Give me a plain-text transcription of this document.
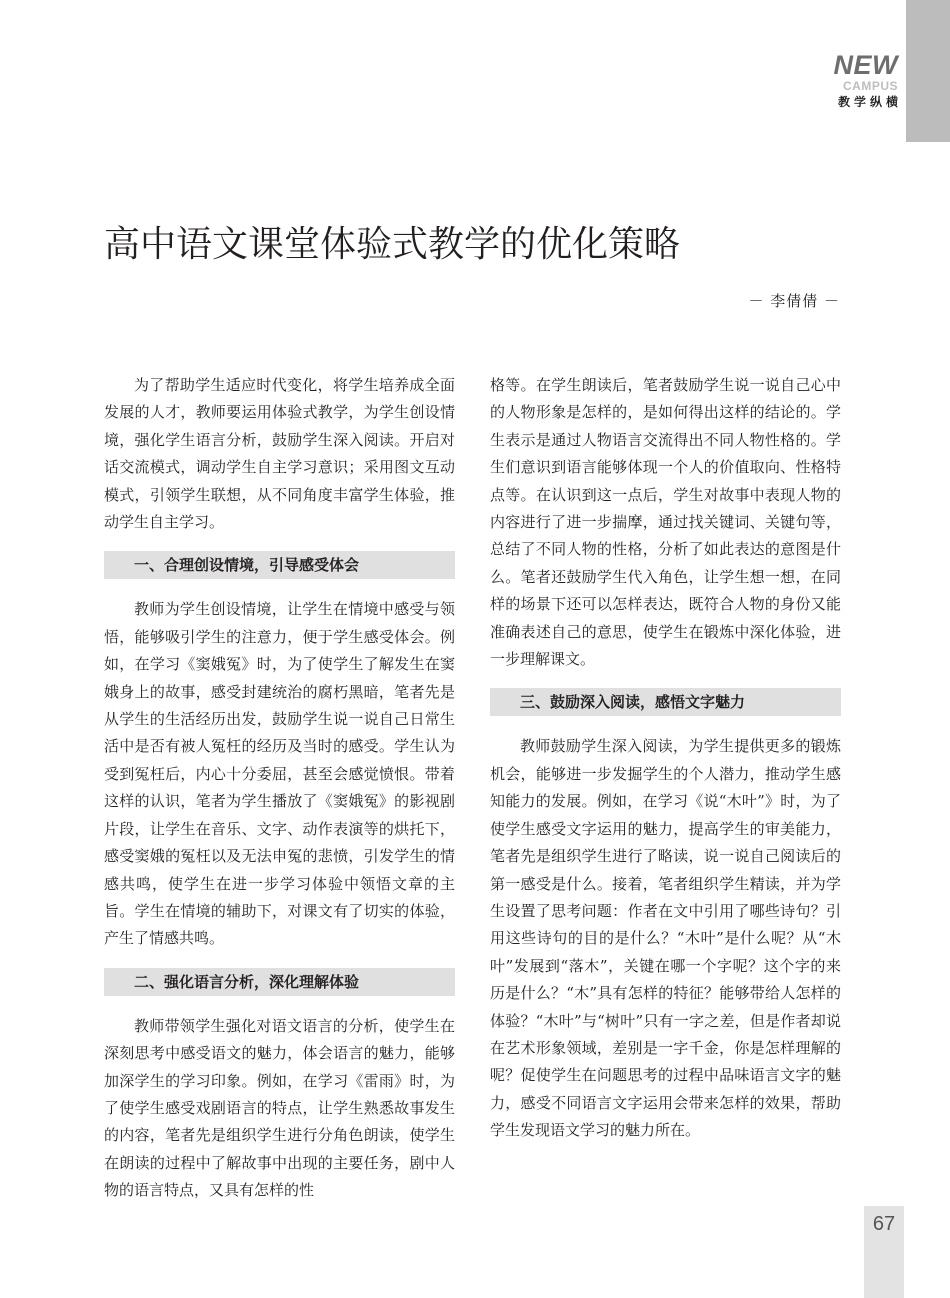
NEW
CAMPUS
教学纵横
高中语文课堂体验式教学的优化策略

－ 李倩倩 －

为了帮助学生适应时代变化，将学生培养成全面发展的人才，教师要运用体验式教学，为学生创设情境，强化学生语言分析，鼓励学生深入阅读。开启对话交流模式，调动学生自主学习意识；采用图文互动模式，引领学生联想，从不同角度丰富学生体验，推动学生自主学习。

一、合理创设情境，引导感受体会

教师为学生创设情境，让学生在情境中感受与领悟，能够吸引学生的注意力，便于学生感受体会。例如，在学习《窦娥冤》时，为了使学生了解发生在窦娥身上的故事，感受封建统治的腐朽黑暗，笔者先是从学生的生活经历出发，鼓励学生说一说自己日常生活中是否有被人冤枉的经历及当时的感受。学生认为受到冤枉后，内心十分委屈，甚至会感觉愤恨。带着这样的认识，笔者为学生播放了《窦娥冤》的影视剧片段，让学生在音乐、文字、动作表演等的烘托下，感受窦娥的冤枉以及无法申冤的悲愤，引发学生的情感共鸣，使学生在进一步学习体验中领悟文章的主旨。学生在情境的辅助下，对课文有了切实的体验，产生了情感共鸣。

二、强化语言分析，深化理解体验

教师带领学生强化对语文语言的分析，使学生在深刻思考中感受语文的魅力，体会语言的魅力，能够加深学生的学习印象。例如，在学习《雷雨》时，为了使学生感受戏剧语言的特点，让学生熟悉故事发生的内容，笔者先是组织学生进行分角色朗读，使学生在朗读的过程中了解故事中出现的主要任务，剧中人物的语言特点，又具有怎样的性

格等。在学生朗读后，笔者鼓励学生说一说自己心中的人物形象是怎样的，是如何得出这样的结论的。学生表示是通过人物语言交流得出不同人物性格的。学生们意识到语言能够体现一个人的价值取向、性格特点等。在认识到这一点后，学生对故事中表现人物的内容进行了进一步揣摩，通过找关键词、关键句等，总结了不同人物的性格，分析了如此表达的意图是什么。笔者还鼓励学生代入角色，让学生想一想，在同样的场景下还可以怎样表达，既符合人物的身份又能准确表述自己的意思，使学生在锻炼中深化体验，进一步理解课文。

三、鼓励深入阅读，感悟文字魅力

教师鼓励学生深入阅读，为学生提供更多的锻炼机会，能够进一步发掘学生的个人潜力，推动学生感知能力的发展。例如，在学习《说“木叶”》时，为了使学生感受文字运用的魅力，提高学生的审美能力，笔者先是组织学生进行了略读，说一说自己阅读后的第一感受是什么。接着，笔者组织学生精读，并为学生设置了思考问题：作者在文中引用了哪些诗句？引用这些诗句的目的是什么？“木叶”是什么呢？从“木叶”发展到“落木”，关键在哪一个字呢？这个字的来历是什么？“木”具有怎样的特征？能够带给人怎样的体验？“木叶”与“树叶”只有一字之差，但是作者却说在艺术形象领域，差别是一字千金，你是怎样理解的呢？促使学生在问题思考的过程中品味语言文字的魅力，感受不同语言文字运用会带来怎样的效果，帮助学生发现语文学习的魅力所在。

67
